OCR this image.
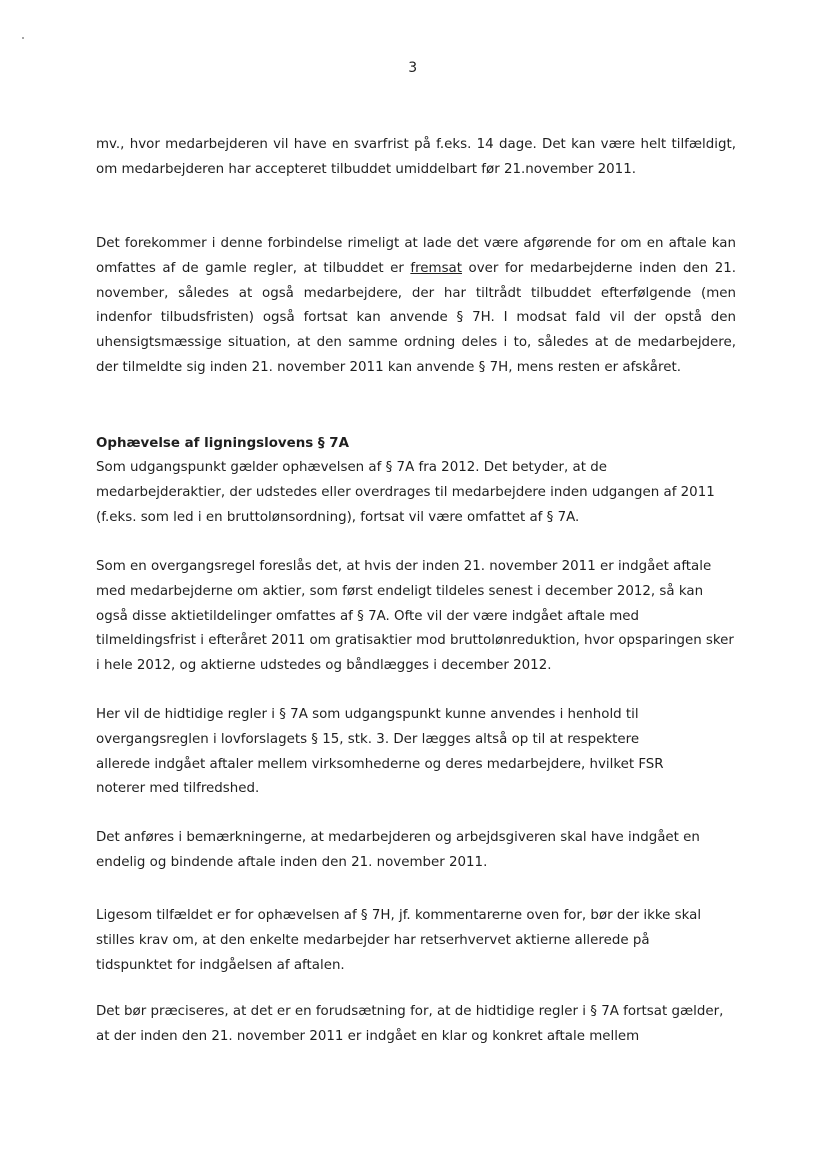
3
mv., hvor medarbejderen vil have en svarfrist på f.eks. 14 dage. Det kan være helt tilfældigt, om medarbejderen har accepteret tilbuddet umiddelbart før 21.november 2011.
Det forekommer i denne forbindelse rimeligt at lade det være afgørende for om en aftale kan omfattes af de gamle regler, at tilbuddet er fremsat over for medarbejderne inden den 21. november, således at også medarbejdere, der har tiltrådt tilbuddet efterfølgende (men indenfor tilbudsfristen) også fortsat kan anvende § 7H. I modsat fald vil der opstå den uhensigtsmæssige situation, at den samme ordning deles i to, således at de medarbejdere, der tilmeldte sig inden 21. november 2011 kan anvende § 7H, mens resten er afskåret.
Ophævelse af ligningslovens § 7A
Som udgangspunkt gælder ophævelsen af § 7A fra 2012. Det betyder, at de medarbejderaktier, der udstedes eller overdrages til medarbejdere inden udgangen af 2011 (f.eks. som led i en bruttolønsordning), fortsat vil være omfattet af § 7A.
Som en overgangsregel foreslås det, at hvis der inden 21. november 2011 er indgået aftale med medarbejderne om aktier, som først endeligt tildeles senest i december 2012, så kan også disse aktietildelinger omfattes af § 7A. Ofte vil der være indgået aftale med tilmeldingsfrist i efteråret 2011 om gratisaktier mod bruttolønreduktion, hvor opsparingen sker i hele 2012, og aktierne udstedes og båndlægges i december 2012.
Her vil de hidtidige regler i § 7A som udgangspunkt kunne anvendes i henhold til overgangsreglen i lovforslagets § 15, stk. 3. Der lægges altså op til at respektere allerede indgået aftaler mellem virksomhederne og deres medarbejdere, hvilket FSR noterer med tilfredshed.
Det anføres i bemærkningerne, at medarbejderen og arbejdsgiveren skal have indgået en endelig og bindende aftale inden den 21. november 2011.
Ligesom tilfældet er for ophævelsen af § 7H, jf. kommentarerne oven for, bør der ikke skal stilles krav om, at den enkelte medarbejder har retserhvervet aktierne allerede på tidspunktet for indgåelsen af aftalen.
Det bør præciseres, at det er en forudsætning for, at de hidtidige regler i § 7A fortsat gælder, at der inden den 21. november 2011 er indgået en klar og konkret aftale mellem
